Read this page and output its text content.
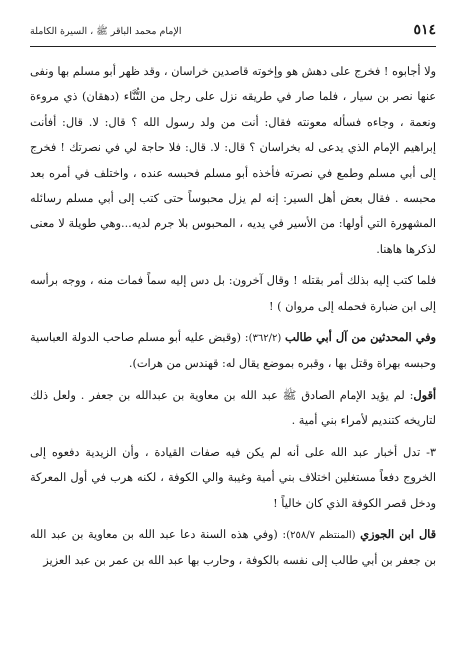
٥١٤
الإمام محمد الباقر ﷺ ، السيرة الكاملة

ولا أجابوه ! فخرج على دهش هو وإخوته قاصدين خراسان ، وقد ظهر أبو مسلم بها ونفى عنها نصر بن سيار ، فلما صار في طريقه نزل على رجل من التُّنَّاء (دهقان) ذي مروءة ونعمة ، وجاءه فسأله معونته فقال: أنت من ولد رسول الله ؟ قال: لا. قال: أفأنت إبراهيم الإمام الذي يدعى له بخراسان ؟ قال: لا. قال: فلا حاجة لي في نصرتك ! فخرج إلى أبي مسلم وطمع في نصرته فأخذه أبو مسلم فحبسه عنده ، واختلف في أمره بعد محبسه . فقال بعض أهل السير: إنه لم يزل محبوساً حتى كتب إلى أبي مسلم رسائله المشهورة التي أولها: من الأسير في يديه ، المحبوس بلا جرم لديه...وهي طويلة لا معنى لذكرها هاهنا.

فلما كتب إليه بذلك أمر بقتله ! وقال آخرون: بل دس إليه سماً فمات منه ، ووجه برأسه إلى ابن ضبارة فحمله إلى مروان ) !

وفي المحدثين من آل أبي طالب (٣٦٢/٢): (وقبض عليه أبو مسلم صاحب الدولة العباسية وحبسه بهراة وقتل بها ، وقبره بموضع يقال له: قهندس من هرات).

أقول: لم يؤيد الإمام الصادق ﷺ عبد الله بن معاوية بن عبدالله بن جعفر . ولعل ذلك لتاريخه كتنديم لأمراء بني أمية .

٣- تدل أخبار عبد الله على أنه لم يكن فيه صفات القيادة ، وأن الزيدية دفعوه إلى الخروج دفعاً مستغلين اختلاف بني أمية وغيبة والي الكوفة ، لكنه هرب في أول المعركة ودخل قصر الكوفة الذي كان خالياً !

قال ابن الجوزي (المنتظم ٢٥٨/٧): (وفي هذه السنة دعا عبد الله بن معاوية بن عبد الله بن جعفر بن أبي طالب إلى نفسه بالكوفة ، وحارب بها عبد الله بن عمر بن عبد العزيز
